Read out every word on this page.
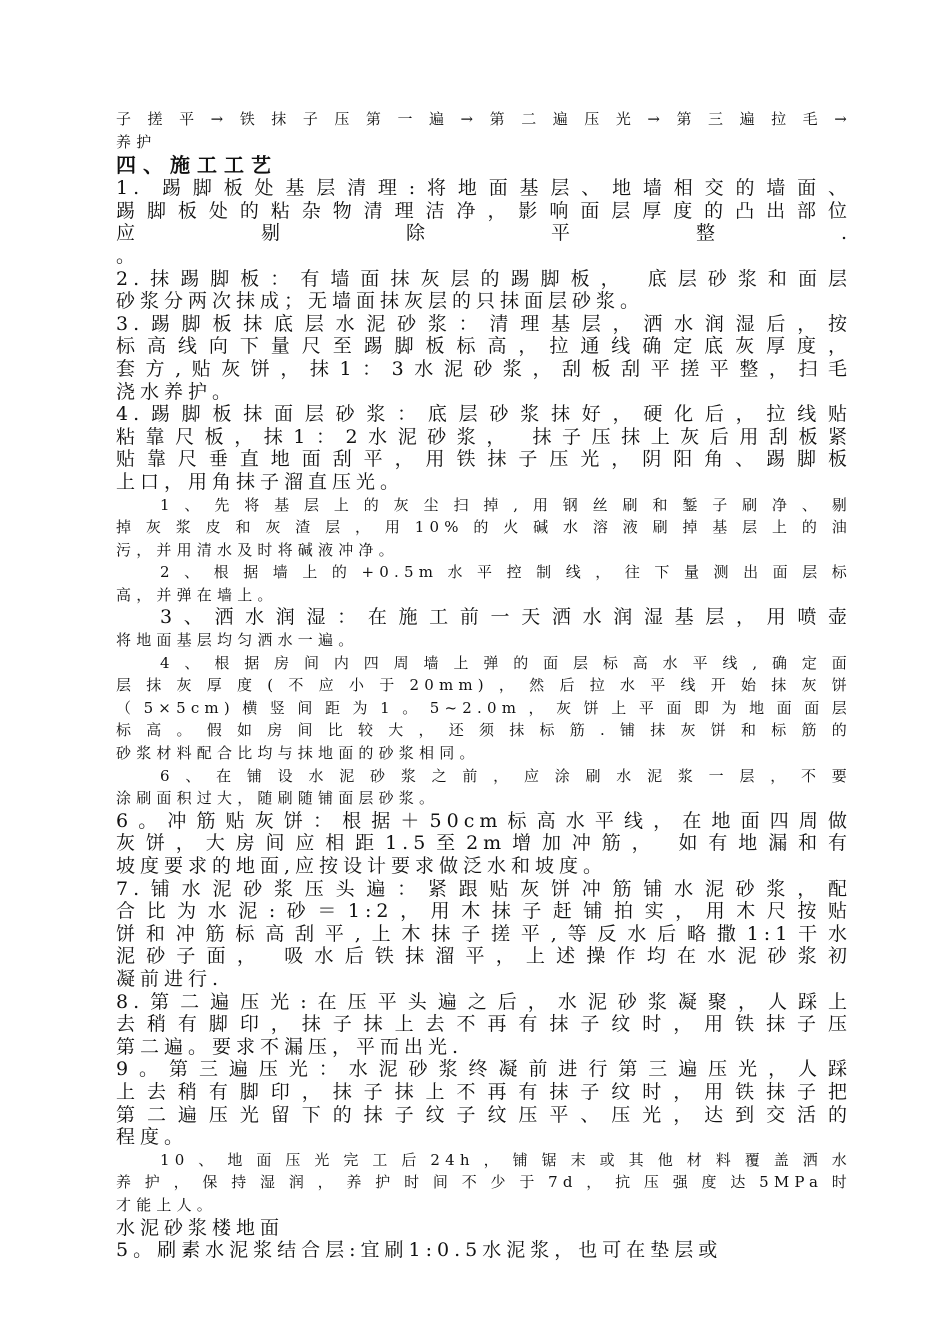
子搓平→铁抹子压第一遍→第二遍压光→第三遍拉毛→
养护
四、施工工艺
1. 踢脚板处基层清理:将地面基层、地墙相交的墙面、
踢脚板处的粘杂物清理洁净，影响面层厚度的凸出部位
应剔除平整.
。
2.抹踢脚板：有墙面抹灰层的踢脚板， 底层砂浆和面层
砂浆分两次抹成；无墙面抹灰层的只抹面层砂浆。
3.踢脚板抹底层水泥砂浆：清理基层，洒水润湿后，按
标高线向下量尺至踢脚板标高，拉通线确定底灰厚度，
套方,贴灰饼，抹1：3水泥砂浆，刮板刮平搓平整，扫毛
浇水养护。
4.踢脚板抹面层砂浆：底层砂浆抹好，硬化后，拉线贴
粘靠尺板，抹1：2水泥砂浆， 抹子压抹上灰后用刮板紧
贴靠尺垂直地面刮平，用铁抹子压光，阴阳角、踢脚板
上口，用角抹子溜直压光。
1、先将基层上的灰尘扫掉,用钢丝刷和錾子刷净、剔
掉灰浆皮和灰渣层，用10%的火碱水溶液刷掉基层上的油
污，并用清水及时将碱液冲净。
2、根据墙上的+0.5m水平控制线，往下量测出面层标
高，并弹在墙上。
3、洒水润湿：在施工前一天洒水润湿基层，用喷壶
将地面基层均匀洒水一遍。
4、根据房间内四周墙上弹的面层标高水平线,确定面
层抹灰厚度(不应小于20mm)，然后拉水平线开始抹灰饼
（5×5cm)横竖间距为1。5~2.0m，灰饼上平面即为地面面层
标高。假如房间比较大，还须抹标筋.铺抹灰饼和标筋的
砂浆材料配合比均与抹地面的砂浆相同。
6、在铺设水泥砂浆之前，应涂刷水泥浆一层，不要
涂刷面积过大，随刷随铺面层砂浆。
6。冲筋贴灰饼：根据＋50cm标高水平线，在地面四周做
灰饼，大房间应相距1.5至2m增加冲筋， 如有地漏和有
坡度要求的地面,应按设计要求做泛水和坡度。
7.铺水泥砂浆压头遍：紧跟贴灰饼冲筋铺水泥砂浆，配
合比为水泥:砂＝1:2，用木抹子赶铺拍实，用木尺按贴
饼和冲筋标高刮平,上木抹子搓平,等反水后略撒1:1干水
泥砂子面， 吸水后铁抹溜平，上述操作均在水泥砂浆初
凝前进行.
8.第二遍压光:在压平头遍之后，水泥砂浆凝聚，人踩上
去稍有脚印，抹子抹上去不再有抹子纹时，用铁抹子压
第二遍。要求不漏压，平而出光.
9。第三遍压光：水泥砂浆终凝前进行第三遍压光，人踩
上去稍有脚印，抹子抹上不再有抹子纹时，用铁抹子把
第二遍压光留下的抹子纹子纹压平、压光，达到交活的
程度。
10、地面压光完工后24h，铺锯末或其他材料覆盖洒水
养护，保持湿润，养护时间不少于7d，抗压强度达5MPa时
才能上人。
水泥砂浆楼地面
5。刷素水泥浆结合层:宜刷1:0.5水泥浆，也可在垫层或
